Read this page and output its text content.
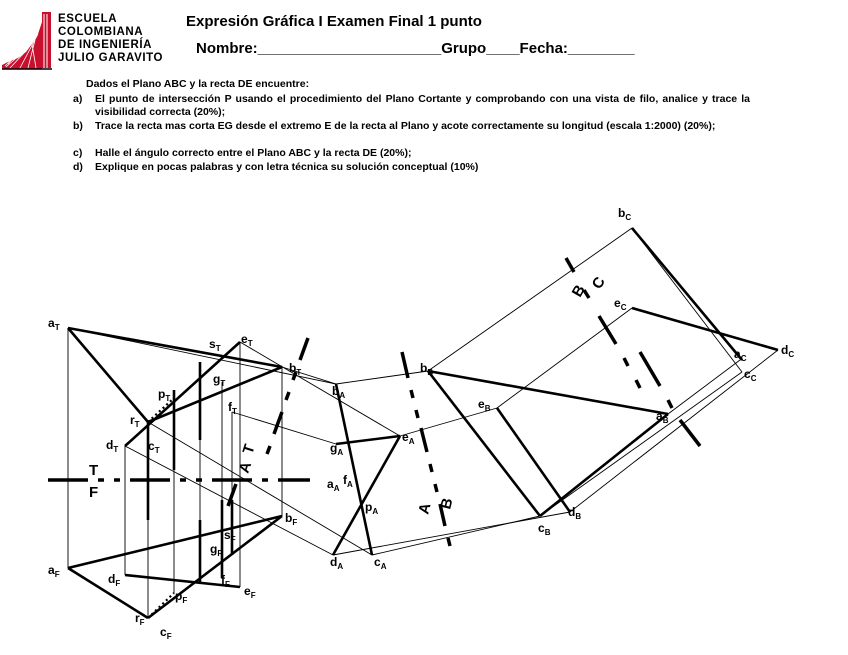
ESCUELA
COLOMBIANA
DE INGENIERÍA
JULIO GARAVITO
Expresión Gráfica I Examen Final 1 punto
Nombre:______________________Grupo____Fecha:________
Dados el Plano ABC y la recta DE encuentre:
a) El punto de intersección P usando el procedimiento del Plano Cortante y comprobando con una vista de filo, analice y trace la visibilidad correcta (20%);
b) Trace la recta mas corta EG desde el extremo E de la recta al Plano y acote correctamente su longitud (escala 1:2000) (20%);
c) Halle el ángulo correcto entre el Plano ABC y la recta DE (20%);
d) Explique en pocas palabras y con letra técnica su solución conceptual (10%)
T
F
T
A
A B
B C
$a_T$
$s_T$
$e_T$
$b_T$
$g_T$
$p_T$
$f_T$
$r_T$
$c_T$
$d_T$
$b_F$
$s_F$
$g_F$
$a_F$	$d_F$	$f_F$
$p_F$
$e_F$
$r_F$
$c_F$
$b_A$
$g_A$
$e_A$
$a_A$
$f_A$
$p_A$
$d_A$	$c_A$
$b_B$
$e_B$
$a_B$
$c_B$
$d_B$
$b_C$
$e_C$
$a_C$
$c_C$
$d_C$
